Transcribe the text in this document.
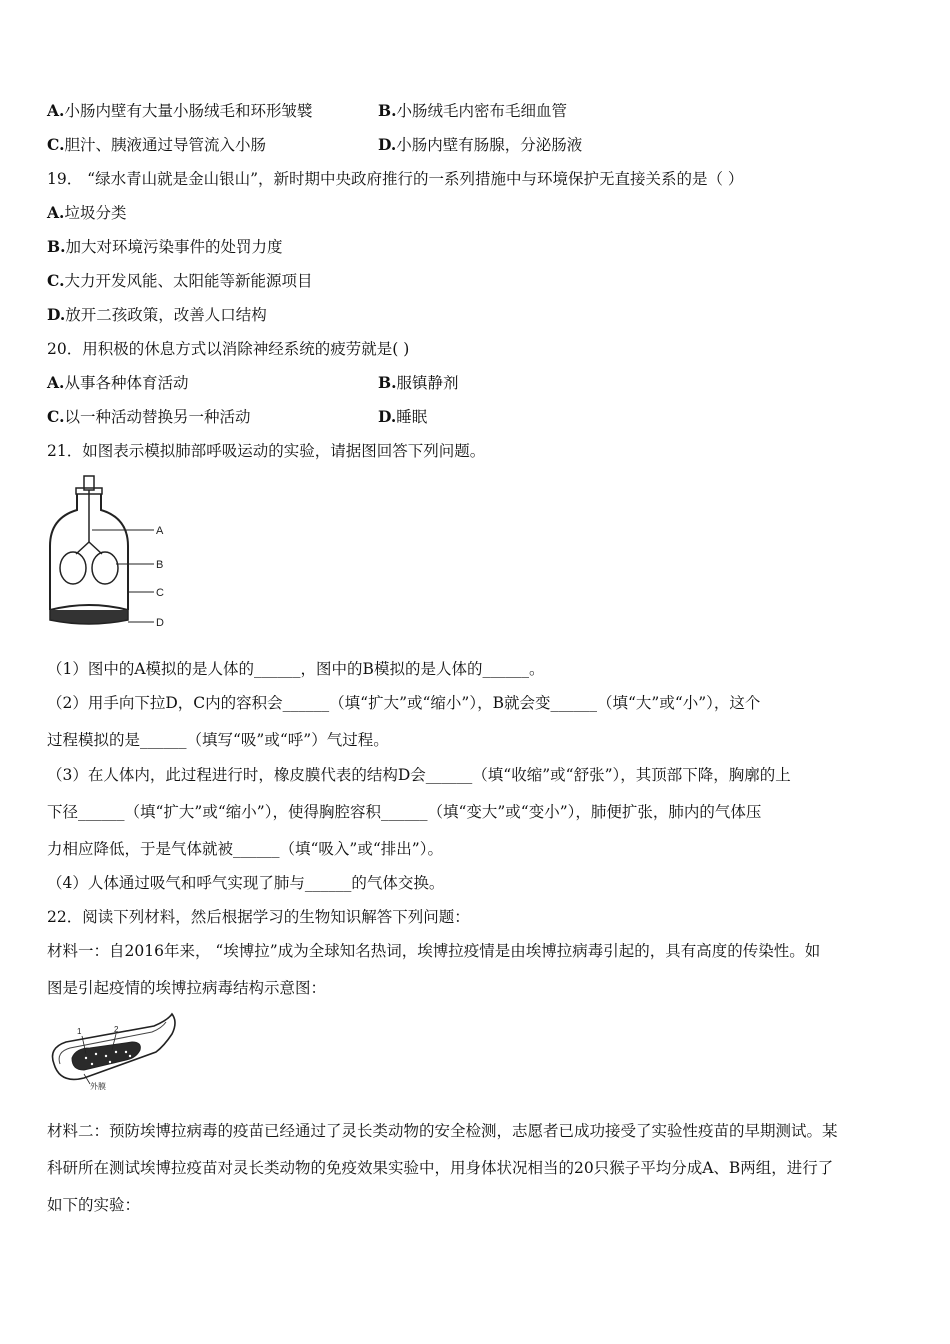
A.小肠内壁有大量小肠绒毛和环形皱襞	B.小肠绒毛内密布毛细血管
C.胆汁、胰液通过导管流入小肠	D.小肠内壁有肠腺，分泌肠液
19． “绿水青山就是金山银山”，新时期中央政府推行的一系列措施中与环境保护无直接关系的是（ ）
A.垃圾分类
B.加大对环境污染事件的处罚力度
C.大力开发风能、太阳能等新能源项目
D.放开二孩政策，改善人口结构
20．用积极的休息方式以消除神经系统的疲劳就是( )
A.从事各种体育活动	B.服镇静剂
C.以一种活动替换另一种活动	D.睡眠
21．如图表示模拟肺部呼吸运动的实验，请据图回答下列问题。
A
B
C
D
（1）图中的A模拟的是人体的______，图中的B模拟的是人体的______。
（2）用手向下拉D，C内的容积会______（填“扩大”或“缩小”），B就会变______（填“大”或“小”），这个
过程模拟的是______（填写“吸”或“呼”）气过程。
（3）在人体内，此过程进行时，橡皮膜代表的结构D会______（填“收缩”或“舒张”），其顶部下降，胸廓的上
下径______（填“扩大”或“缩小”），使得胸腔容积______（填“变大”或“变小”），肺便扩张，肺内的气体压
力相应降低，于是气体就被______（填“吸入”或“排出”）。
（4）人体通过吸气和呼气实现了肺与______的气体交换。
22．阅读下列材料，然后根据学习的生物知识解答下列问题：
材料一：自2016年来， “埃博拉”成为全球知名热词，埃博拉疫情是由埃博拉病毒引起的，具有高度的传染性。如
图是引起疫情的埃博拉病毒结构示意图：
1	2
外膜
材料二：预防埃博拉病毒的疫苗已经通过了灵长类动物的安全检测，志愿者已成功接受了实验性疫苗的早期测试。某
科研所在测试埃博拉疫苗对灵长类动物的免疫效果实验中，用身体状况相当的20只猴子平均分成A、B两组，进行了
如下的实验：
